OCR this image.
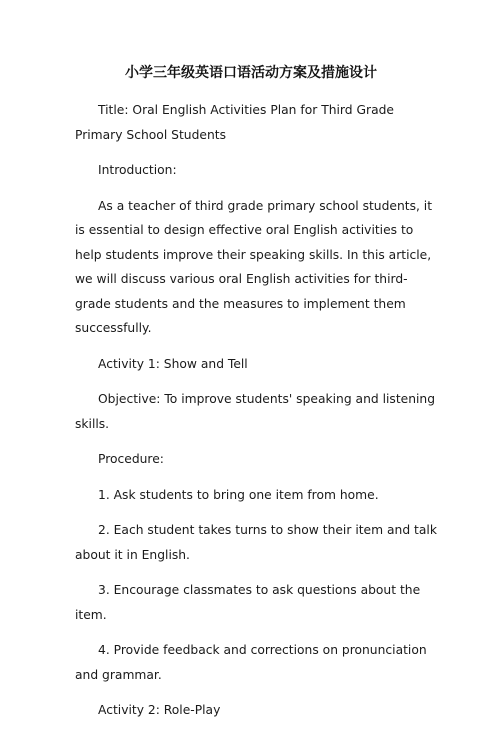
小学三年级英语口语活动方案及措施设计

Title: Oral English Activities Plan for Third Grade Primary School Students

Introduction:

As a teacher of third grade primary school students, it is essential to design effective oral English activities to help students improve their speaking skills. In this article, we will discuss various oral English activities for third-grade students and the measures to implement them successfully.

Activity 1: Show and Tell

Objective: To improve students' speaking and listening skills.

Procedure:

1. Ask students to bring one item from home.

2. Each student takes turns to show their item and talk about it in English.

3. Encourage classmates to ask questions about the item.

4. Provide feedback and corrections on pronunciation and grammar.

Activity 2: Role-Play
